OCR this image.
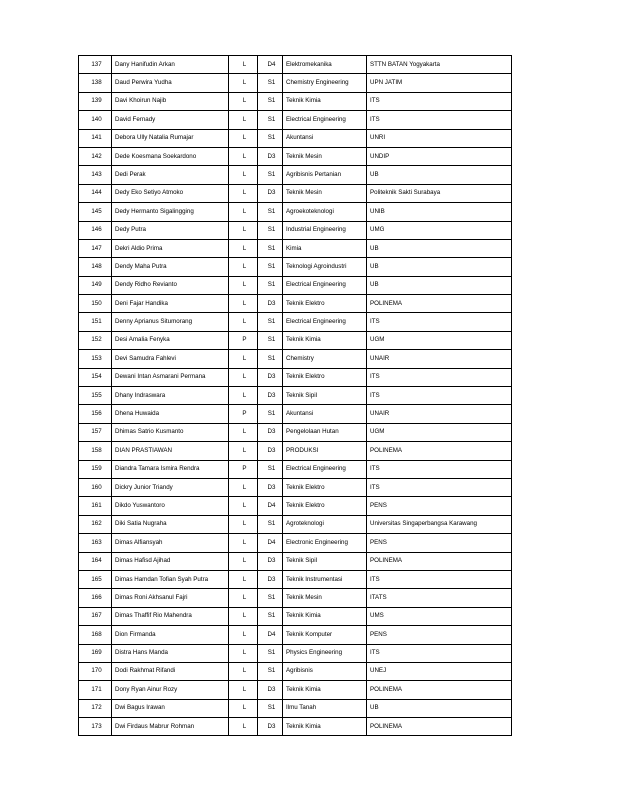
137	Dany Hanifudin Arkan	L	D4	Elektromekanika	STTN BATAN Yogyakarta
138	Daud Perwira Yudha	L	S1	Chemistry Engineering	UPN JATIM
139	Davi Khoirun Najib	L	S1	Teknik Kimia	ITS
140	David Fernady	L	S1	Electrical Engineering	ITS
141	Debora Ully Natalia Rumajar	L	S1	Akuntansi	UNRI
142	Dede Koesmana Soekardono	L	D3	Teknik Mesin	UNDIP
143	Dedi Perak	L	S1	Agribisnis Pertanian	UB
144	Dedy Eko Setiyo Atmoko	L	D3	Teknik Mesin	Politeknik Sakti Surabaya
145	Dedy Hermanto Sigalingging	L	S1	Agroekoteknologi	UNIB
146	Dedy Putra	L	S1	Industrial Engineering	UMG
147	Dekri Aldio Prima	L	S1	Kimia	UB
148	Dendy Maha Putra	L	S1	Teknologi Agroindustri	UB
149	Dendy Ridho Revianto	L	S1	Electrical Engineering	UB
150	Deni Fajar Handika	L	D3	Teknik Elektro	POLINEMA
151	Denny Aprianus Situmorang	L	S1	Electrical Engineering	ITS
152	Desi Amalia Fenyka	P	S1	Teknik Kimia	UGM
153	Devi Samudra Fahlevi	L	S1	Chemistry	UNAIR
154	Dewani Intan Asmarani Permana	L	D3	Teknik Elektro	ITS
155	Dhany Indraswara	L	D3	Teknik Sipil	ITS
156	Dhena Huwaida	P	S1	Akuntansi	UNAIR
157	Dhimas Satrio Kusmanto	L	D3	Pengelolaan Hutan	UGM
158	DIAN PRASTIAWAN	L	D3	PRODUKSI	POLINEMA
159	Diandra Tamara Ismira Rendra	P	S1	Electrical Engineering	ITS
160	Dickry Junior Triandy	L	D3	Teknik Elektro	ITS
161	Dikdo Yuswantoro	L	D4	Teknik Elektro	PENS
162	Diki Satia Nugraha	L	S1	Agroteknologi	Universitas Singaperbangsa Karawang
163	Dimas Alfiansyah	L	D4	Electronic Engineering	PENS
164	Dimas Hafisd Ajihad	L	D3	Teknik Sipil	POLINEMA
165	Dimas Hamdan Tofian Syah Putra	L	D3	Teknik Instrumentasi	ITS
166	Dimas Roni Akhsanul Fajri	L	S1	Teknik Mesin	ITATS
167	Dimas Thaffif Rio Mahendra	L	S1	Teknik Kimia	UMS
168	Dion Firmanda	L	D4	Teknik Komputer	PENS
169	Distra Hans Manda	L	S1	Physics Engineering	ITS
170	Dodi Rakhmat Rifandi	L	S1	Agribisnis	UNEJ
171	Dony Ryan Ainur Rozy	L	D3	Teknik Kimia	POLINEMA
172	Dwi Bagus Irawan	L	S1	Ilmu Tanah	UB
173	Dwi Firdaus Mabrur Rohman	L	D3	Teknik Kimia	POLINEMA
